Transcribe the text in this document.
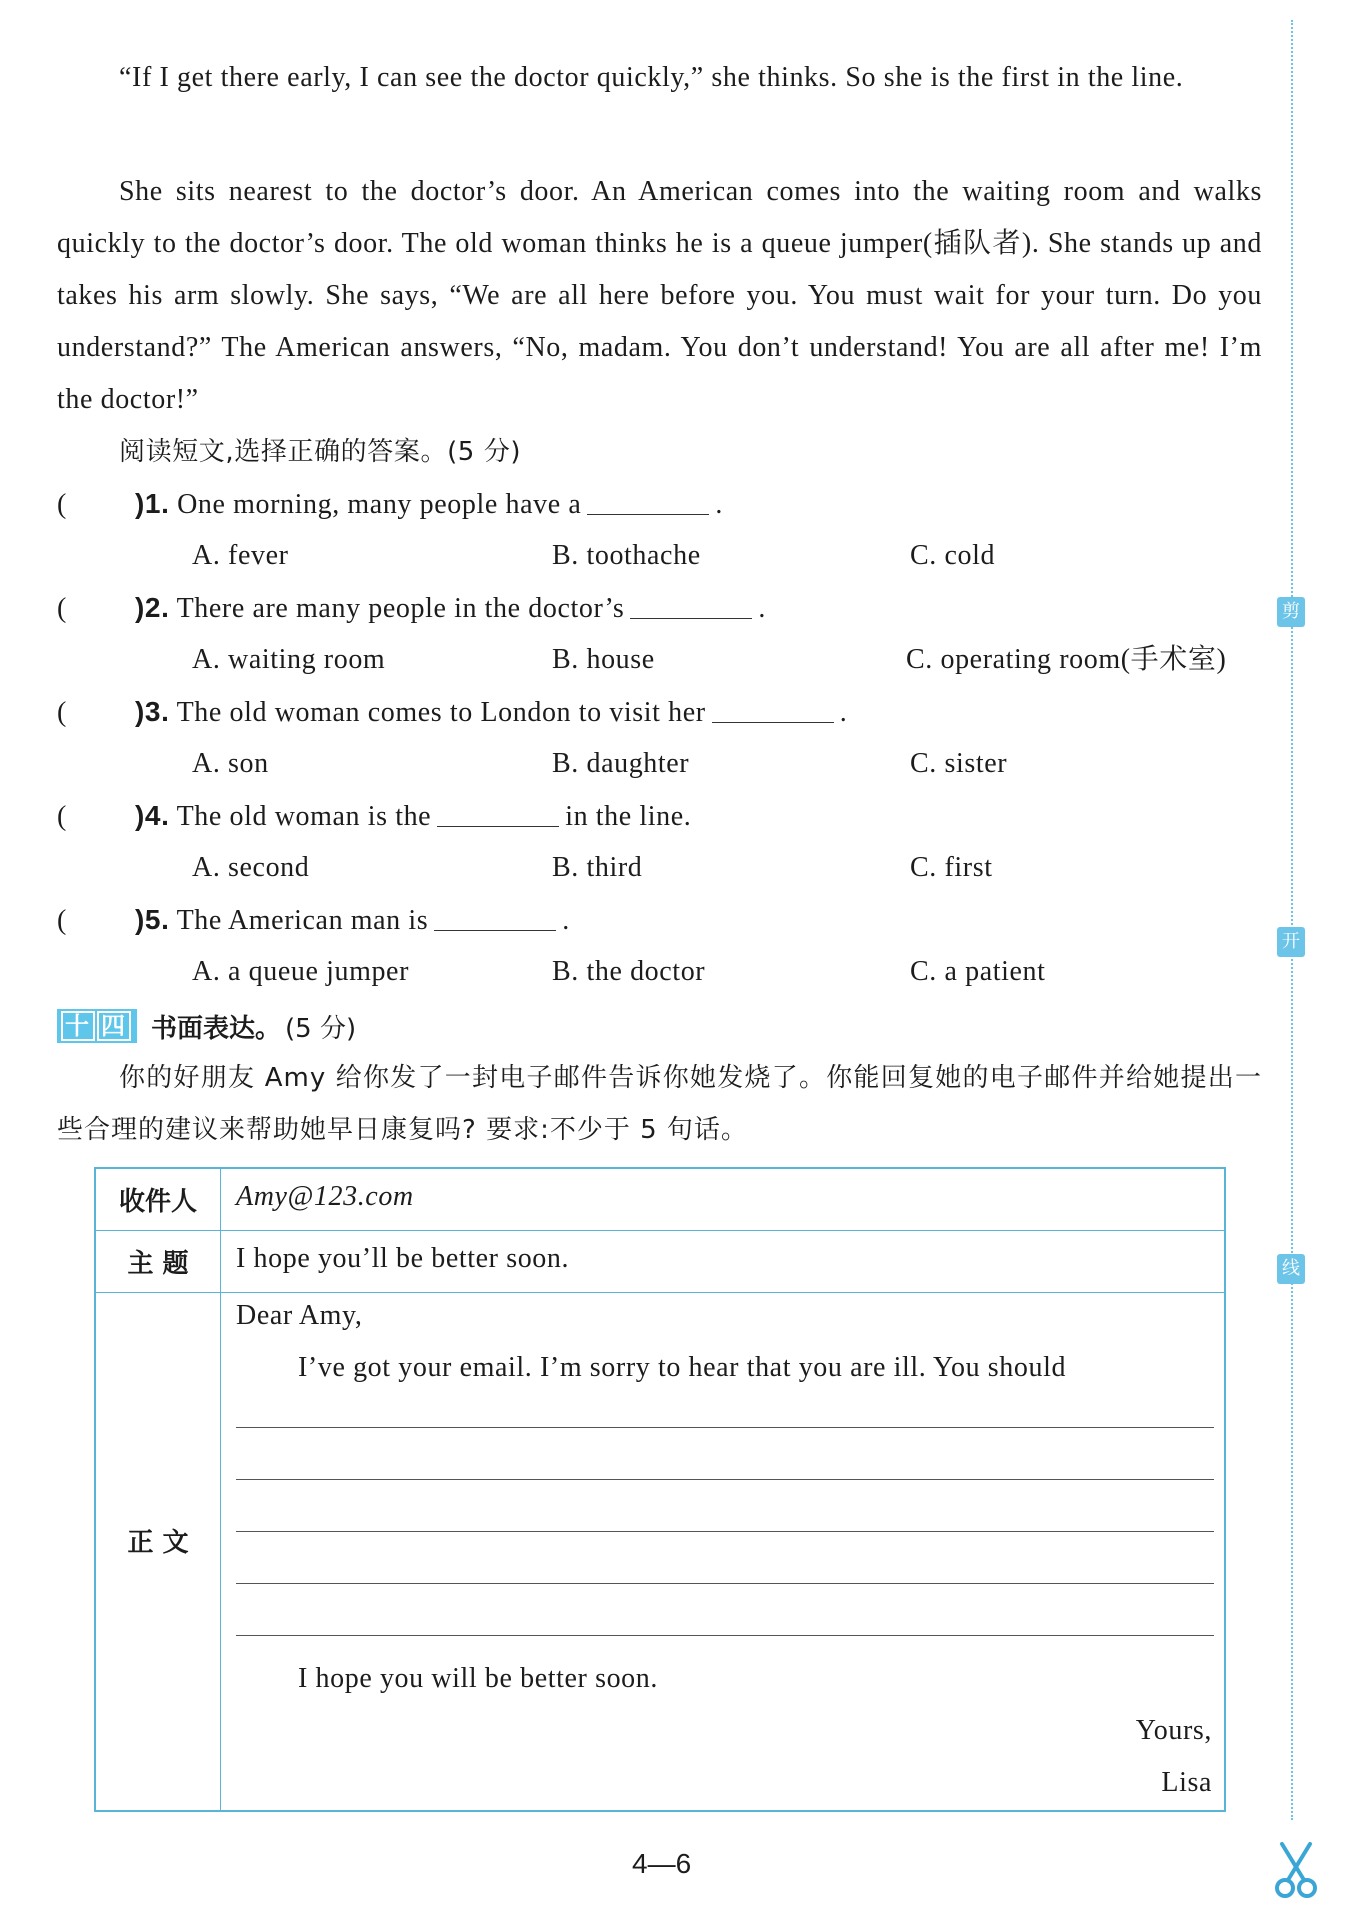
“If I get there early, I can see the doctor quickly,” she thinks. So she is the first in the line.

She sits nearest to the doctor’s door. An American comes into the waiting room and walks quickly to the doctor’s door. The old woman thinks he is a queue jumper(插队者). She stands up and takes his arm slowly. She says, “We are all here before you. You must wait for your turn. Do you understand?” The American answers, “No, madam. You don’t understand! You are all after me! I’m the doctor!”

阅读短文,选择正确的答案。(5 分)
( )1. One morning, many people have a	.
A. fever	B. toothache	C. cold
( )2. There are many people in the doctor’s	.
A. waiting room	B. house	C. operating room(手术室)
( )3. The old woman comes to London to visit her	.
A. son	B. daughter	C. sister
( )4. The old woman is the	in the line.
A. second	B. third	C. first
( )5. The American man is	.
A. a queue jumper	B. the doctor	C. a patient
十 四 书面表达。 (5 分)

你的好朋友 Amy 给你发了一封电子邮件告诉你她发烧了。你能回复她的电子邮件并给她提出一些合理的建议来帮助她早日康复吗? 要求:不少于 5 句话。

收件人	Amy@123.com
主 题	I hope you’ll be better soon.
正 文
Dear Amy,
I’ve got your email. I’m sorry to hear that you are ill. You should
I hope you will be better soon.
Yours,
Lisa
4—6
剪
开
线
